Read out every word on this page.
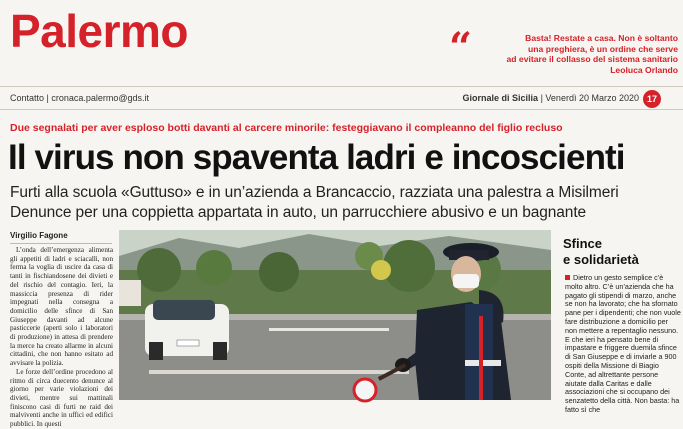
Palermo	“	Basta! Restate a casa. Non è soltanto
una preghiera, è un ordine che serve
ad evitare il collasso del sistema sanitario
Leoluca Orlando
Contatto | cronaca.palermo@gds.it	Giornale di Sicilia | Venerdì 20 Marzo 2020 17
Due segnalati per aver esploso botti davanti al carcere minorile: festeggiavano il compleanno del figlio recluso
Il virus non spaventa ladri e incoscienti
Furti alla scuola «Guttuso» e in un’azienda a Brancaccio, razziata una palestra a Misilmeri
Denunce per una coppietta appartata in auto, un parrucchiere abusivo e un bagnante
Virgilio Fagone

L’onda dell’emergenza alimenta gli appetiti di ladri e sciacalli, non ferma la voglia di uscire da casa di tanti in fischiandosene dei divieti e del rischio del contagio. Ieri, la massiccia presenza di rider impegnati nella consegna a domicilio delle sfince di San Giuseppe davanti ad alcune pasticcerie (aperti solo i laboratori di produzione) in attesa di prendere la merce ha creato allarme in alcuni cittadini, che non hanno esitato ad avvisare la polizia.

Le forze dell’ordine procedono al ritmo di circa duecento denunce al giorno per varie violazioni dei divieti, mentre sui mattinali finiscono casi di furti ne raid dei malviventi anche in uffici ed edifici pubblici. In questi

Sfince
e solidarietà
Dietro un gesto semplice c’è molto altro. C’è un’azienda che ha pagato gli stipendi di marzo, anche se non ha lavorato; che ha sfornato pane per i dipendenti; che non vuole fare distribuzione a domicilio per non mettere a repentaglio nessuno. E che ieri ha pensato bene di impastare e friggere duemila sfince di San Giuseppe e di inviarle a 900 ospiti della Missione di Biagio Conte, ad altrettante persone aiutate dalla Caritas e dalle associazioni che si occupano dei senzatetto della città. Non basta: ha fatto sì che
